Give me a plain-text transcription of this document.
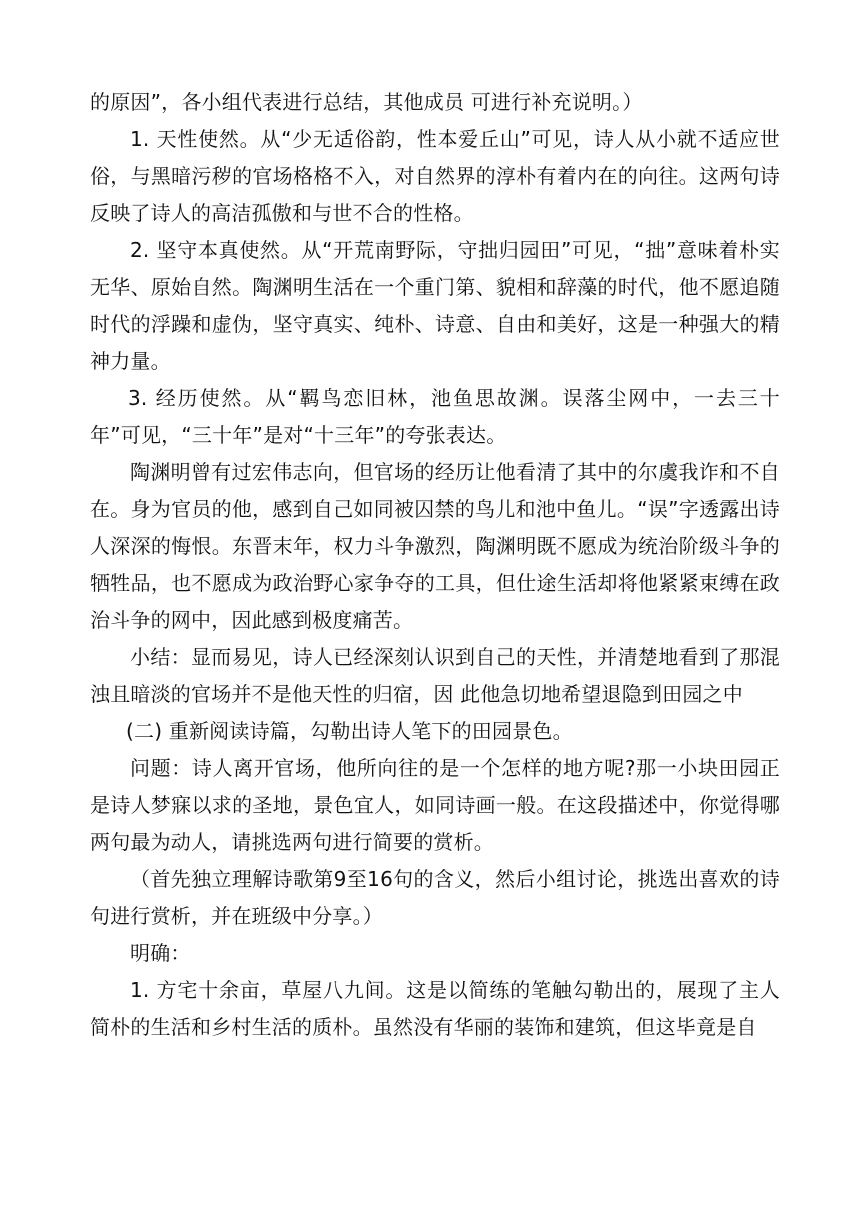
的原因”，各小组代表进行总结，其他成员 可进行补充说明。）

1. 天性使然。从“少无适俗韵，性本爱丘山”可见，诗人从小就不适应世俗，与黑暗污秽的官场格格不入，对自然界的淳朴有着内在的向往。这两句诗反映了诗人的高洁孤傲和与世不合的性格。

2. 坚守本真使然。从“开荒南野际，守拙归园田”可见，“拙”意味着朴实无华、原始自然。陶渊明生活在一个重门第、貌相和辞藻的时代，他不愿追随时代的浮躁和虚伪，坚守真实、纯朴、诗意、自由和美好，这是一种强大的精神力量。

3. 经历使然。从“羁鸟恋旧林，池鱼思故渊。误落尘网中，一去三十年”可见，“三十年”是对“十三年”的夸张表达。

陶渊明曾有过宏伟志向，但官场的经历让他看清了其中的尔虞我诈和不自在。身为官员的他，感到自己如同被囚禁的鸟儿和池中鱼儿。“误”字透露出诗人深深的悔恨。东晋末年，权力斗争激烈，陶渊明既不愿成为统治阶级斗争的牺牲品，也不愿成为政治野心家争夺的工具，但仕途生活却将他紧紧束缚在政治斗争的网中，因此感到极度痛苦。

小结：显而易见，诗人已经深刻认识到自己的天性，并清楚地看到了那混浊且暗淡的官场并不是他天性的归宿，因 此他急切地希望退隐到田园之中

(二) 重新阅读诗篇，勾勒出诗人笔下的田园景色。

问题：诗人离开官场，他所向往的是一个怎样的地方呢?那一小块田园正是诗人梦寐以求的圣地，景色宜人，如同诗画一般。在这段描述中，你觉得哪两句最为动人，请挑选两句进行简要的赏析。

（首先独立理解诗歌第9至16句的含义，然后小组讨论，挑选出喜欢的诗句进行赏析，并在班级中分享。）

明确：

1. 方宅十余亩，草屋八九间。这是以简练的笔触勾勒出的，展现了主人简朴的生活和乡村生活的质朴。虽然没有华丽的装饰和建筑，但这毕竟是自
